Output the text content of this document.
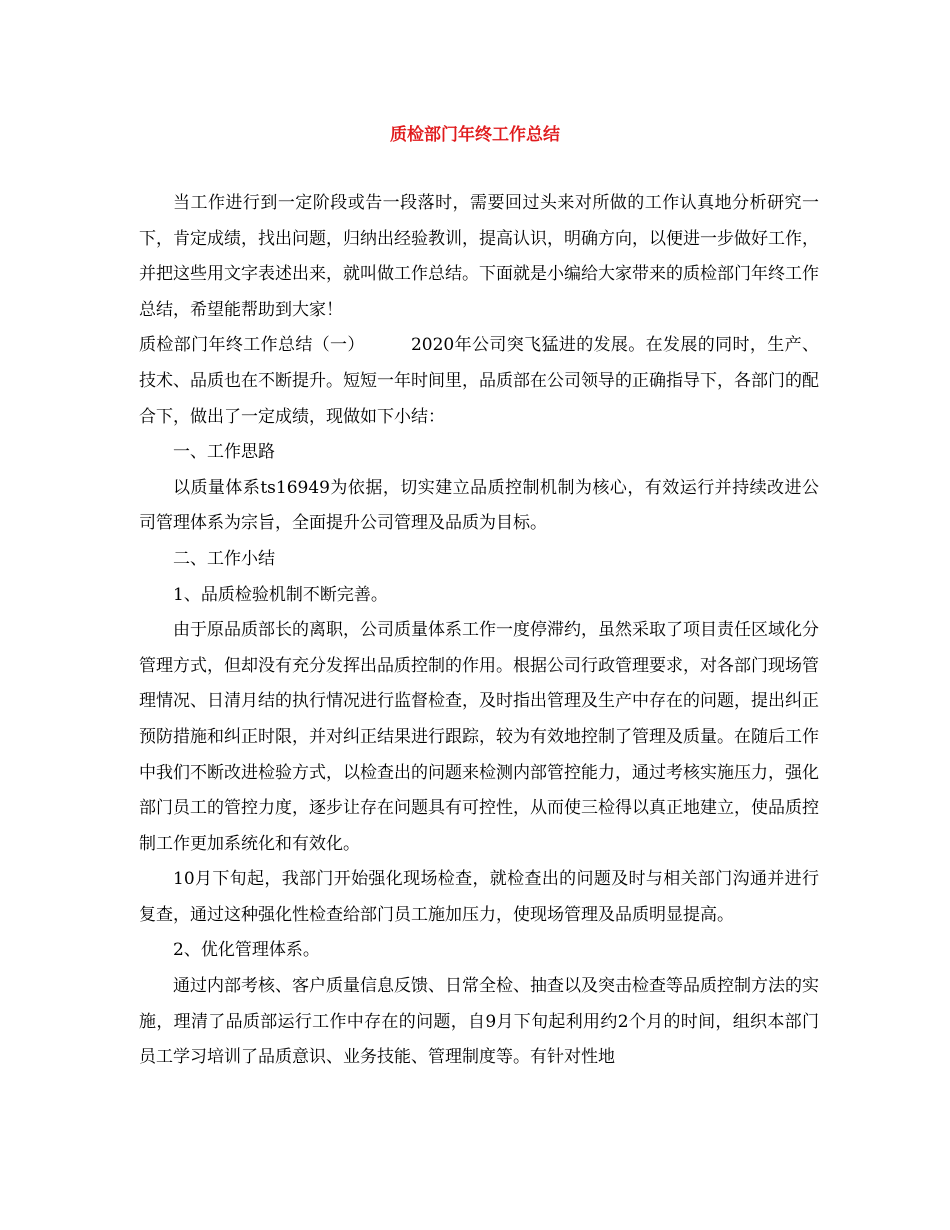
质检部门年终工作总结

当工作进行到一定阶段或告一段落时，需要回过头来对所做的工作认真地分析研究一下，肯定成绩，找出问题，归纳出经验教训，提高认识，明确方向，以便进一步做好工作，并把这些用文字表述出来，就叫做工作总结。下面就是小编给大家带来的质检部门年终工作总结，希望能帮助到大家！

质检部门年终工作总结（一）        2020年公司突飞猛进的发展。在发展的同时，生产、技术、品质也在不断提升。短短一年时间里，品质部在公司领导的正确指导下，各部门的配合下，做出了一定成绩，现做如下小结：

一、工作思路

以质量体系ts16949为依据，切实建立品质控制机制为核心，有效运行并持续改进公司管理体系为宗旨，全面提升公司管理及品质为目标。

二、工作小结

1、品质检验机制不断完善。

由于原品质部长的离职，公司质量体系工作一度停滞约，虽然采取了项目责任区域化分管理方式，但却没有充分发挥出品质控制的作用。根据公司行政管理要求，对各部门现场管理情况、日清月结的执行情况进行监督检查，及时指出管理及生产中存在的问题，提出纠正预防措施和纠正时限，并对纠正结果进行跟踪，较为有效地控制了管理及质量。在随后工作中我们不断改进检验方式，以检查出的问题来检测内部管控能力，通过考核实施压力，强化部门员工的管控力度，逐步让存在问题具有可控性，从而使三检得以真正地建立，使品质控制工作更加系统化和有效化。

10月下旬起，我部门开始强化现场检查，就检查出的问题及时与相关部门沟通并进行复查，通过这种强化性检查给部门员工施加压力，使现场管理及品质明显提高。

2、优化管理体系。

通过内部考核、客户质量信息反馈、日常全检、抽查以及突击检查等品质控制方法的实施，理清了品质部运行工作中存在的问题，自9月下旬起利用约2个月的时间，组织本部门员工学习培训了品质意识、业务技能、管理制度等。有针对性地
